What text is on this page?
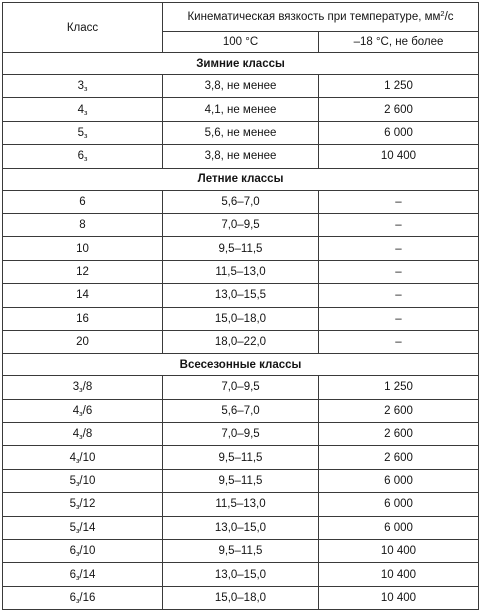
Класс	Кинематическая вязкость при температуре, $мм^2/с$	
	100 °С	–18 °С, не более
Зимние классы		
$3_з$	3,8, не менее	1 250
$4_з$	4,1, не менее	2 600
$5_з$	5,6, не менее	6 000
$6_з$	3,8, не менее	10 400
Летние классы		
6	5,6–7,0	–
8	7,0–9,5	–
10	9,5–11,5	–
12	11,5–13,0	–
14	13,0–15,5	–
16	15,0–18,0	–
20	18,0–22,0	–
Всесезонные классы		
$3_з/8$	7,0–9,5	1 250
$4_з/6$	5,6–7,0	2 600
$4_з/8$	7,0–9,5	2 600
$4_з/10$	9,5–11,5	2 600
$5_з/10$	9,5–11,5	6 000
$5_з/12$	11,5–13,0	6 000
$5_з/14$	13,0–15,0	6 000
$6_з/10$	9,5–11,5	10 400
$6_з/14$	13,0–15,0	10 400
$6_з/16$	15,0–18,0	10 400
